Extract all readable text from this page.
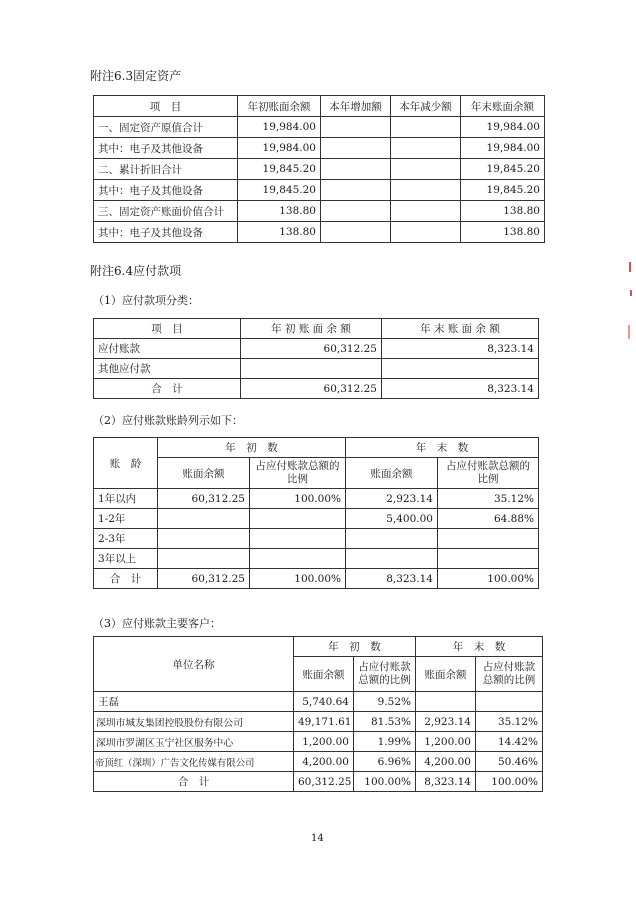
附注6.3固定资产
项　目	年初账面余额	本年增加额	本年减少额	年末账面余额
一、固定资产原值合计	19,984.00			19,984.00
其中：电子及其他设备	19,984.00			19,984.00
二、累计折旧合计	19,845.20			19,845.20
其中：电子及其他设备	19,845.20			19,845.20
三、固定资产账面价值合计	138.80			138.80
其中：电子及其他设备	138.80			138.80
附注6.4应付款项
（1）应付款项分类：
项　目	年 初 账 面 余 额	年 末 账 面 余 额
应付账款	60,312.25	8,323.14
其他应付款		
合　计	60,312.25	8,323.14
（2）应付账款账龄列示如下：
账　龄	年　初　数		年　末　数	
	账面余额	占应付账款总额的比例	账面余额	占应付账款总额的比例
1年以内	60,312.25	100.00%	2,923.14	35.12%
1-2年			5,400.00	64.88%
2-3年				
3年以上				
合　计	60,312.25	100.00%	8,323.14	100.00%
（3）应付账款主要客户：
单位名称	年　初　数		年　末　数	
	账面余额	占应付账款总额的比例	账面余额	占应付账款总额的比例
王磊	5,740.64	9.52%		
深圳市城友集团控股股份有限公司	49,171.61	81.53%	2,923.14	35.12%
深圳市罗湖区玉宁社区服务中心	1,200.00	1.99%	1,200.00	14.42%
帝顶红（深圳）广告文化传媒有限公司	4,200.00	6.96%	4,200.00	50.46%
合　计	60,312.25	100.00%	8,323.14	100.00%
14
